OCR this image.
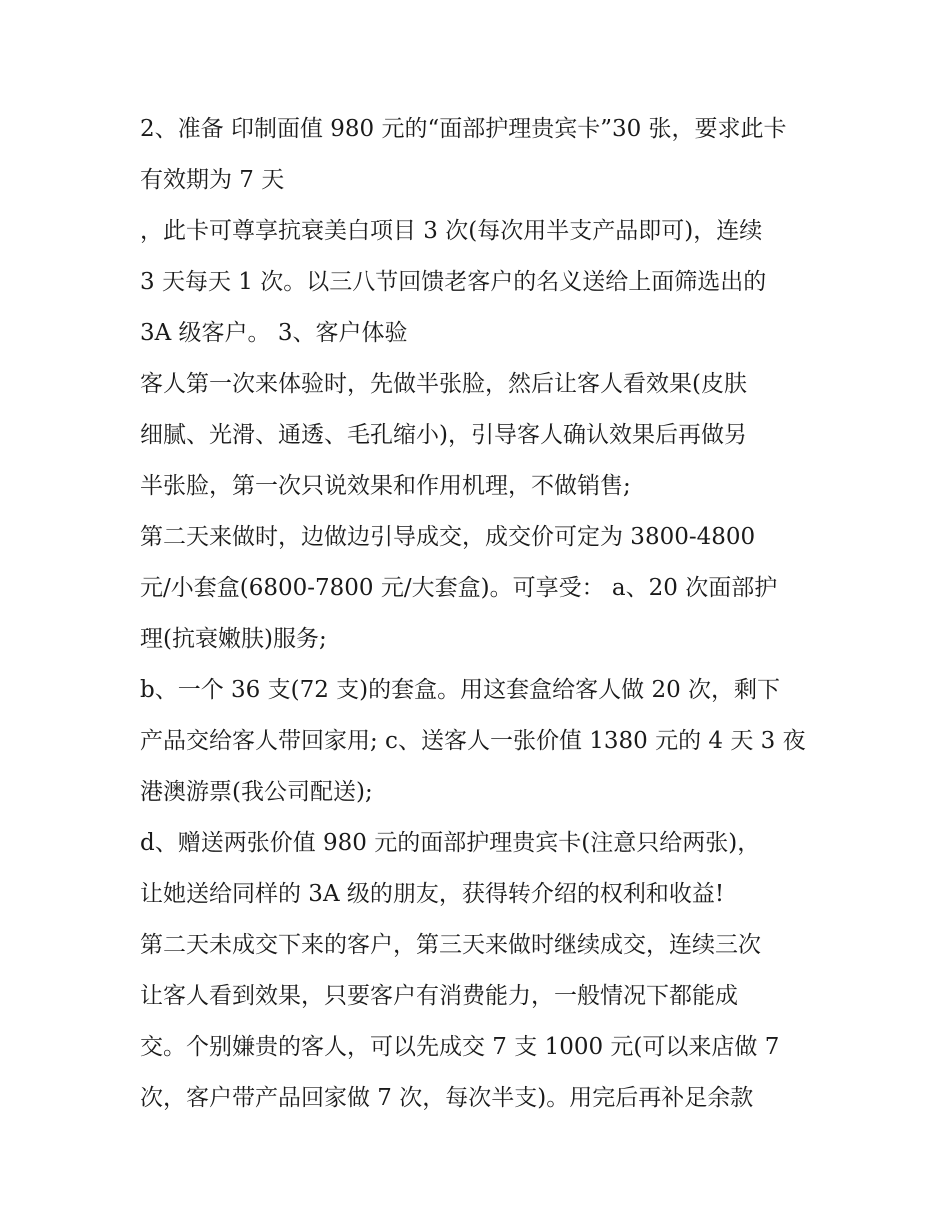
2、准备 印制面值 980 元的“面部护理贵宾卡”30 张，要求此卡
有效期为 7 天
，此卡可尊享抗衰美白项目 3 次(每次用半支产品即可)，连续
3 天每天 1 次。以三八节回馈老客户的名义送给上面筛选出的
3A 级客户。 3、客户体验
客人第一次来体验时，先做半张脸，然后让客人看效果(皮肤
细腻、光滑、通透、毛孔缩小)，引导客人确认效果后再做另
半张脸，第一次只说效果和作用机理，不做销售;
第二天来做时，边做边引导成交，成交价可定为 3800-4800
元/小套盒(6800-7800 元/大套盒)。可享受： a、20 次面部护
理(抗衰嫩肤)服务;
b、一个 36 支(72 支)的套盒。用这套盒给客人做 20 次，剩下
产品交给客人带回家用; c、送客人一张价值 1380 元的 4 天 3 夜
港澳游票(我公司配送);
d、赠送两张价值 980 元的面部护理贵宾卡(注意只给两张)，
让她送给同样的 3A 级的朋友，获得转介绍的权利和收益!
第二天未成交下来的客户，第三天来做时继续成交，连续三次
让客人看到效果，只要客户有消费能力，一般情况下都能成
交。个别嫌贵的客人，可以先成交 7 支 1000 元(可以来店做 7
次，客户带产品回家做 7 次，每次半支)。用完后再补足余款
